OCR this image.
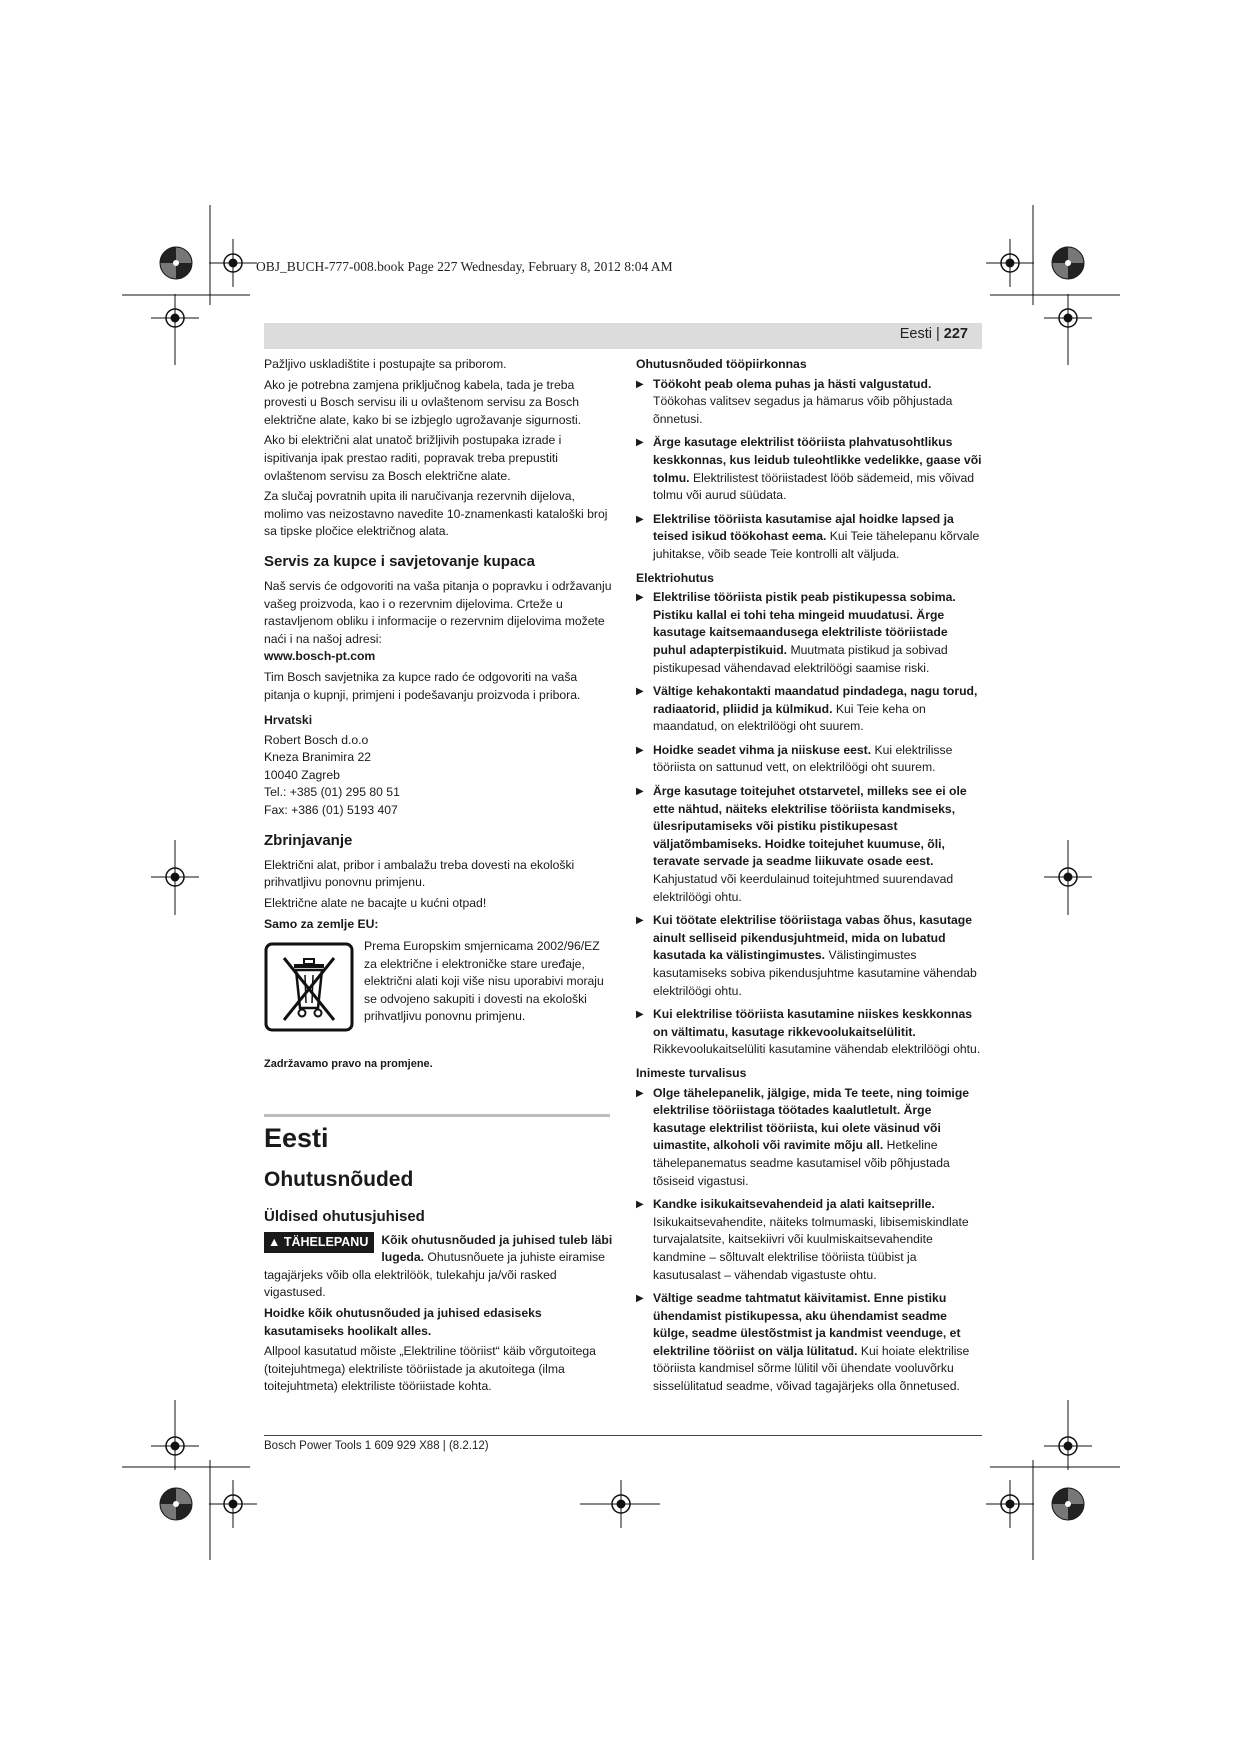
OBJ_BUCH-777-008.book Page 227 Wednesday, February 8, 2012 8:04 AM
Eesti | 227

Pažljivo uskladištite i postupajte sa priborom.

Ako je potrebna zamjena priključnog kabela, tada je treba provesti u Bosch servisu ili u ovlaštenom servisu za Bosch električne alate, kako bi se izbjeglo ugrožavanje sigurnosti.

Ako bi električni alat unatoč brižljivih postupaka izrade i ispitivanja ipak prestao raditi, popravak treba prepustiti ovlaštenom servisu za Bosch električne alate.

Za slučaj povratnih upita ili naručivanja rezervnih dijelova, molimo vas neizostavno navedite 10-znamenkasti kataloški broj sa tipske pločice električnog alata.

Servis za kupce i savjetovanje kupaca

Naš servis će odgovoriti na vaša pitanja o popravku i održavanju vašeg proizvoda, kao i o rezervnim dijelovima. Crteže u rastavljenom obliku i informacije o rezervnim dijelovima možete naći i na našoj adresi:

www.bosch-pt.com

Tim Bosch savjetnika za kupce rado će odgovoriti na vaša pitanja o kupnji, primjeni i podešavanju proizvoda i pribora.

Hrvatski

Robert Bosch d.o.o

Kneza Branimira 22

10040 Zagreb

Tel.: +385 (01) 295 80 51

Fax: +386 (01) 5193 407

Zbrinjavanje

Električni alat, pribor i ambalažu treba dovesti na ekološki prihvatljivu ponovnu primjenu.

Električne alate ne bacajte u kućni otpad!

Samo za zemlje EU:
Prema Europskim smjernicama 2002/96/EZ za električne i elektroničke stare uređaje, električni alati koji više nisu uporabivi moraju se odvojeno sakupiti i dovesti na ekološki prihvatljivu ponovnu primjenu.
Zadržavamo pravo na promjene.
Eesti
Ohutusnõuded
Üldised ohutusjuhised
▲ TÄHELEPANU	Kõik ohutusnõuded ja juhised tuleb läbi lugeda. Ohutusnõuete ja juhiste eiramise tagajärjeks võib olla elektrilöök, tulekahju ja/või rasked vigastused.

Hoidke kõik ohutusnõuded ja juhised edasiseks kasutamiseks hoolikalt alles.

Allpool kasutatud mõiste „Elektriline tööriist“ käib võrgutoitega (toitejuhtmega) elektriliste tööriistade ja akutoitega (ilma toitejuhtmeta) elektriliste tööriistade kohta.

Ohutusnõuded tööpiirkonnas
▶ Töökoht peab olema puhas ja hästi valgustatud. Töökohas valitsev segadus ja hämarus võib põhjustada õnnetusi.
▶ Ärge kasutage elektrilist tööriista plahvatusohtlikus keskkonnas, kus leidub tuleohtlikke vedelikke, gaase või tolmu. Elektrilistest tööriistadest lööb sädemeid, mis võivad tolmu või aurud süüdata.
▶ Elektrilise tööriista kasutamise ajal hoidke lapsed ja teised isikud töökohast eema. Kui Teie tähelepanu kõrvale juhitakse, võib seade Teie kontrolli alt väljuda.
Elektriohutus
▶ Elektrilise tööriista pistik peab pistikupessa sobima. Pistiku kallal ei tohi teha mingeid muudatusi. Ärge kasutage kaitsemaandusega elektriliste tööriistade puhul adapterpistikuid. Muutmata pistikud ja sobivad pistikupesad vähendavad elektrilöögi saamise riski.
▶ Vältige kehakontakti maandatud pindadega, nagu torud, radiaatorid, pliidid ja külmikud. Kui Teie keha on maandatud, on elektrilöögi oht suurem.
▶ Hoidke seadet vihma ja niiskuse eest. Kui elektrilisse tööriista on sattunud vett, on elektrilöögi oht suurem.
▶ Ärge kasutage toitejuhet otstarvetel, milleks see ei ole ette nähtud, näiteks elektrilise tööriista kandmiseks, ülesriputamiseks või pistiku pistikupesast väljatõmbamiseks. Hoidke toitejuhet kuumuse, õli, teravate servade ja seadme liikuvate osade eest. Kahjustatud või keerdulainud toitejuhtmed suurendavad elektrilöögi ohtu.
▶ Kui töötate elektrilise tööriistaga vabas õhus, kasutage ainult selliseid pikendusjuhtmeid, mida on lubatud kasutada ka välistingimustes. Välistingimustes kasutamiseks sobiva pikendusjuhtme kasutamine vähendab elektrilöögi ohtu.
▶ Kui elektrilise tööriista kasutamine niiskes keskkonnas on vältimatu, kasutage rikkevoolukaitselülitit. Rikkevoolukaitselüliti kasutamine vähendab elektrilöögi ohtu.
Inimeste turvalisus
▶ Olge tähelepanelik, jälgige, mida Te teete, ning toimige elektrilise tööriistaga töötades kaalutletult. Ärge kasutage elektrilist tööriista, kui olete väsinud või uimastite, alkoholi või ravimite mõju all. Hetkeline tähelepanematus seadme kasutamisel võib põhjustada tõsiseid vigastusi.
▶ Kandke isikukaitsevahendeid ja alati kaitseprille. Isikukaitsevahendite, näiteks tolmumaski, libisemiskindlate turvajalatsite, kaitsekiivri või kuulmiskaitsevahendite kandmine – sõltuvalt elektrilise tööriista tüübist ja kasutusalast – vähendab vigastuste ohtu.
▶ Vältige seadme tahtmatut käivitamist. Enne pistiku ühendamist pistikupessa, aku ühendamist seadme külge, seadme ülestõstmist ja kandmist veenduge, et elektriline tööriist on välja lülitatud. Kui hoiate elektrilise tööriista kandmisel sõrme lülitil või ühendate vooluvõrku sisselülitatud seadme, võivad tagajärjeks olla õnnetused.
Bosch Power Tools 1 609 929 X88 | (8.2.12)
